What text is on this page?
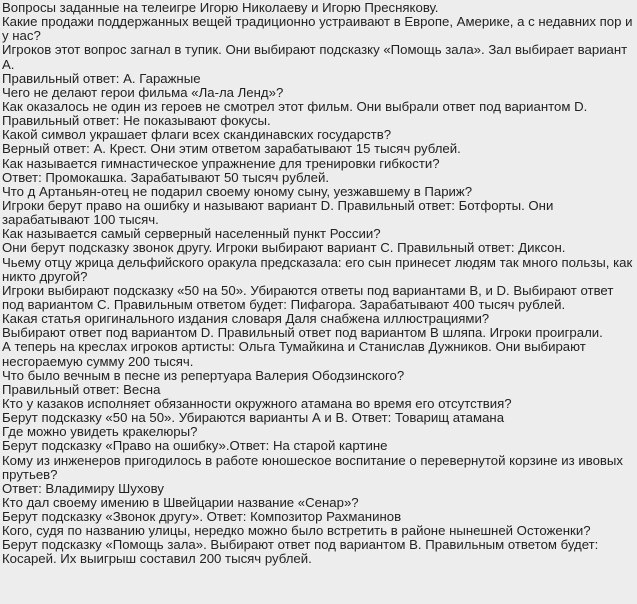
Вопросы заданные на телеигре Игорю Николаеву и Игорю Преснякову.
Какие продажи поддержанных вещей традиционно устраивают в Европе, Америке, а с недавних пор и
у нас?
Игроков этот вопрос загнал в тупик. Они выбирают подсказку «Помощь зала». Зал выбирает вариант
А.
Правильный ответ: А. Гаражные
Чего не делают герои фильма «Ла-ла Ленд»?
Как оказалось не один из героев не смотрел этот фильм. Они выбрали ответ под вариантом D.
Правильный ответ: Не показывают фокусы.
Какой символ украшает флаги всех скандинавских государств?
Верный ответ: А. Крест. Они этим ответом зарабатывают 15 тысяч рублей.
Как называется гимнастическое упражнение для тренировки гибкости?
Ответ: Промокашка. Зарабатывают 50 тысяч рублей.
Что д Артаньян-отец не подарил своему юному сыну, уезжавшему в Париж?
Игроки берут право на ошибку и называют вариант D. Правильный ответ: Ботфорты. Они
зарабатывают 100 тысяч.
Как называется самый серверный населенный пункт России?
Они берут подсказку звонок другу. Игроки выбирают вариант С. Правильный ответ: Диксон.
Чьему отцу жрица дельфийского оракула предсказала: его сын принесет людям так много пользы, как
никто другой?
Игроки выбирают подсказку «50 на 50». Убираются ответы под вариантами В, и D. Выбирают ответ
под вариантом С. Правильным ответом будет: Пифагора. Зарабатывают 400 тысяч рублей.
Какая статья оригинального издания словаря Даля снабжена иллюстрациями?
Выбирают ответ под вариантом D. Правильный ответ под вариантом В шляпа. Игроки проиграли.
А теперь на креслах игроков артисты: Ольга Тумайкина и Станислав Дужников. Они выбирают
несгораемую сумму 200 тысяч.
Что было вечным в песне из репертуара Валерия Ободзинского?
Правильный ответ: Весна
Кто у казаков исполняет обязанности окружного атамана во время его отсутствия?
Берут подсказку «50 на 50». Убираются варианты А и В. Ответ: Товарищ атамана
Где можно увидеть кракелюры?
Берут подсказку «Право на ошибку».Ответ: На старой картине
Кому из инженеров пригодилось в работе юношеское воспитание о перевернутой корзине из ивовых
прутьев?
Ответ: Владимиру Шухову
Кто дал своему имению в Швейцарии название «Сенар»?
Берут подсказку «Звонок другу». Ответ: Композитор Рахманинов
Кого, судя по названию улицы, нередко можно было встретить в районе нынешней Остоженки?
Берут подсказку «Помощь зала». Выбирают ответ под вариантом В. Правильным ответом будет:
Косарей. Их выигрыш составил 200 тысяч рублей.
